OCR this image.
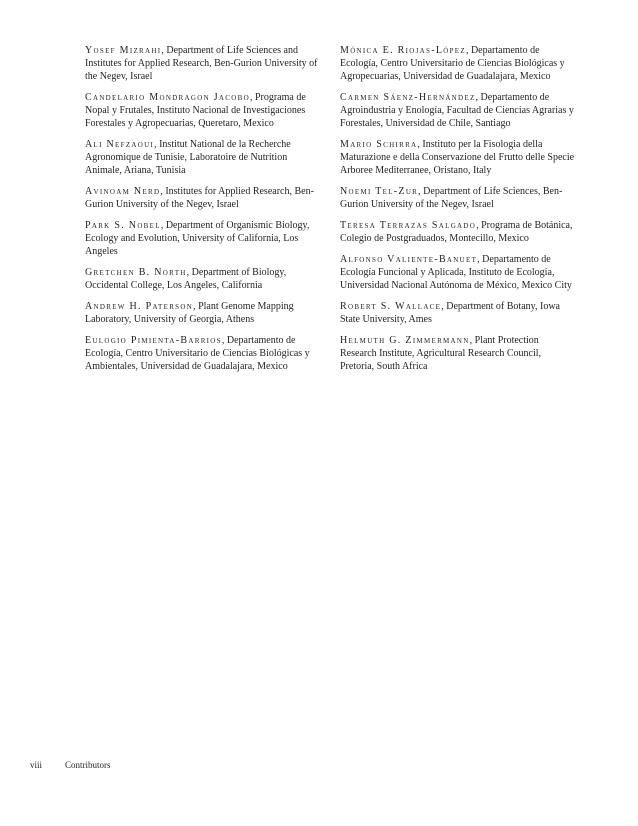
Yosef Mizrahi, Department of Life Sciences and Institutes for Applied Research, Ben-Gurion University of the Negev, Israel

Candelario Mondragon Jacobo, Programa de Nopal y Frutales, Instituto Nacional de Investigaciones Forestales y Agropecuarias, Queretaro, Mexico

Ali Nefzaoui, Institut National de la Recherche Agronomique de Tunisie, Laboratoire de Nutrition Animale, Ariana, Tunisia

Avinoam Nerd, Institutes for Applied Research, Ben-Gurion University of the Negev, Israel

Park S. Nobel, Department of Organismic Biology, Ecology and Evolution, University of California, Los Angeles

Gretchen B. North, Department of Biology, Occidental College, Los Angeles, California

Andrew H. Paterson, Plant Genome Mapping Laboratory, University of Georgia, Athens

Eulogio Pimienta-Barrios, Departamento de Ecología, Centro Universitario de Ciencias Biológicas y Ambientales, Universidad de Guadalajara, Mexico

Mónica E. Riojas-López, Departamento de Ecología, Centro Universitario de Ciencias Biológicas y Agropecuarias, Universidad de Guadalajara, Mexico

Carmen Sáenz-Hernández, Departamento de Agroindustria y Enología, Facultad de Ciencias Agrarias y Forestales, Universidad de Chile, Santiago

Mario Schirra, Instituto per la Fisologia della Maturazione e della Conservazione del Frutto delle Specie Arboree Mediterranee, Oristano, Italy

Noemi Tel-Zur, Department of Life Sciences, Ben-Gurion University of the Negev, Israel

Teresa Terrazas Salgado, Programa de Botánica, Colegio de Postgraduados, Montecillo, Mexico

Alfonso Valiente-Banuet, Departamento de Ecología Funcional y Aplicada, Instituto de Ecología, Universidad Nacional Autónoma de México, Mexico City

Robert S. Wallace, Department of Botany, Iowa State University, Ames

Helmuth G. Zimmermann, Plant Protection Research Institute, Agricultural Research Council, Pretoria, South Africa

viii	Contributors
